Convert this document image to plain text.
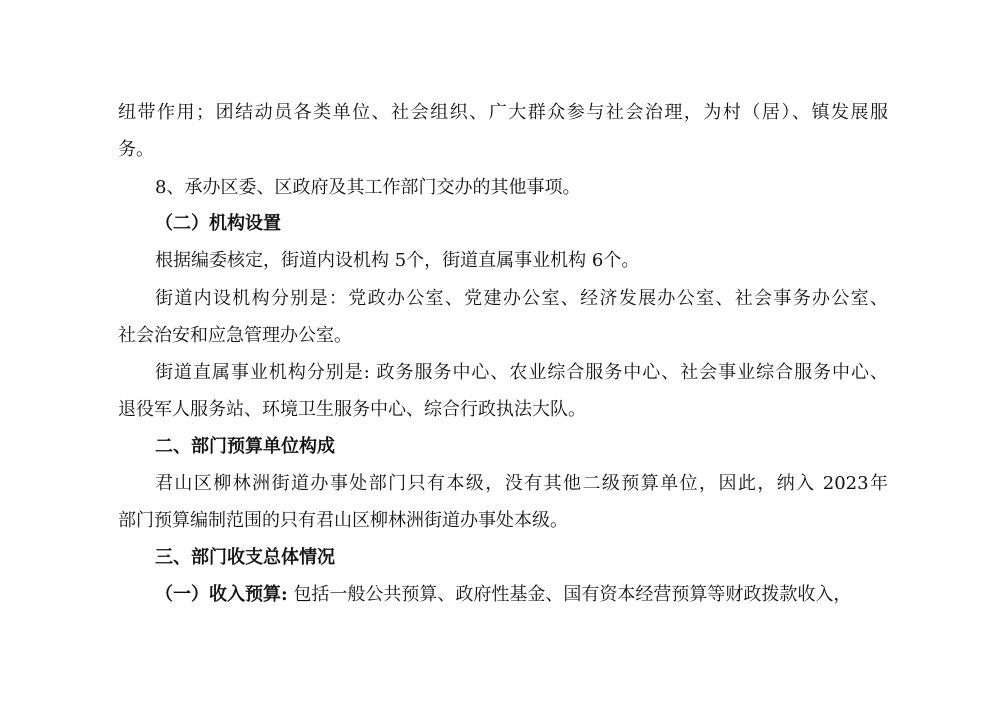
纽带作用；团结动员各类单位、社会组织、广大群众参与社会治理，为村（居）、镇发展服
务。
8、承办区委、区政府及其工作部门交办的其他事项。
（二）机构设置
根据编委核定，街道内设机构 5个，街道直属事业机构 6个。
街道内设机构分别是：党政办公室、党建办公室、经济发展办公室、社会事务办公室、
社会治安和应急管理办公室。
街道直属事业机构分别是: 政务服务中心、农业综合服务中心、社会事业综合服务中心、
退役军人服务站、环境卫生服务中心、综合行政执法大队。
二、部门预算单位构成
君山区柳林洲街道办事处部门只有本级，没有其他二级预算单位，因此，纳入 2023年
部门预算编制范围的只有君山区柳林洲街道办事处本级。
三、部门收支总体情况
（一）收入预算: 包括一般公共预算、政府性基金、国有资本经营预算等财政拨款收入，
